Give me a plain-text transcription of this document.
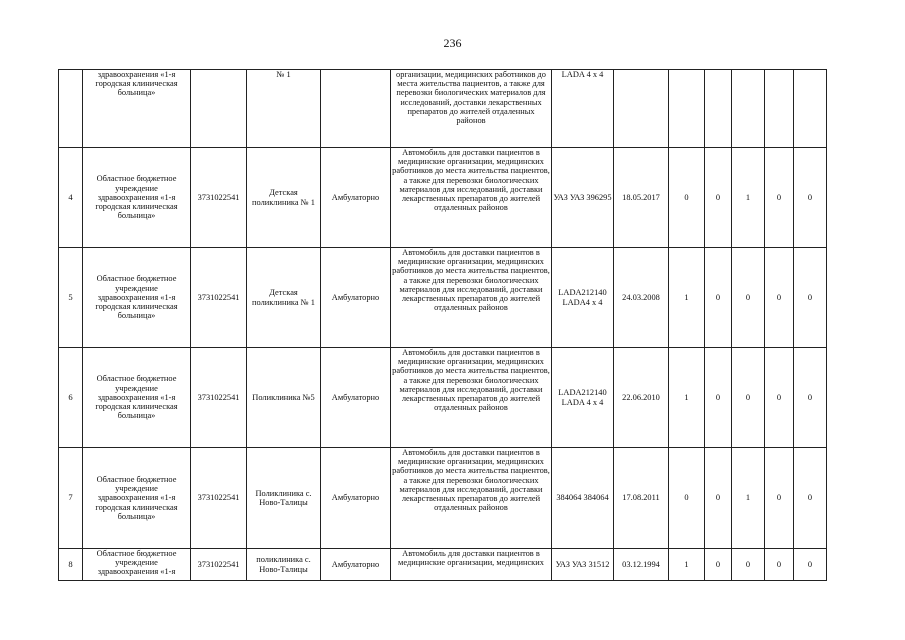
236
	здравоохранения «1-я городская клиническая больница»		№ 1		организации, медицинских работников до места жительства пациентов, а также для перевозки биологических материалов для исследований, доставки лекарственных препаратов до жителей отдаленных районов	LADA 4 x 4						
4	Областное бюджетное учреждение здравоохранения «1-я городская клиническая больница»	3731022541	Детская поликлиника № 1	Амбулаторно	Автомобиль для доставки пациентов в медицинские организации, медицинских работников до места жительства пациентов, а также для перевозки биологических материалов для исследований, доставки лекарственных препаратов до жителей отдаленных районов	УАЗ УАЗ 396295	18.05.2017	0	0	1	0	0
5	Областное бюджетное учреждение здравоохранения «1-я городская клиническая больница»	3731022541	Детская поликлиника № 1	Амбулаторно	Автомобиль для доставки пациентов в медицинские организации, медицинских работников до места жительства пациентов, а также для перевозки биологических материалов для исследований, доставки лекарственных препаратов до жителей отдаленных районов	LADA212140 LADA4 x 4	24.03.2008	1	0	0	0	0
6	Областное бюджетное учреждение здравоохранения «1-я городская клиническая больница»	3731022541	Поликлиника №5	Амбулаторно	Автомобиль для доставки пациентов в медицинские организации, медицинских работников до места жительства пациентов, а также для перевозки биологических материалов для исследований, доставки лекарственных препаратов до жителей отдаленных районов	LADA212140 LADA 4 x 4	22.06.2010	1	0	0	0	0
7	Областное бюджетное учреждение здравоохранения «1-я городская клиническая больница»	3731022541	Поликлиника с. Ново-Талицы	Амбулаторно	Автомобиль для доставки пациентов в медицинские организации, медицинских работников до места жительства пациентов, а также для перевозки биологических материалов для исследований, доставки лекарственных препаратов до жителей отдаленных районов	384064 384064	17.08.2011	0	0	1	0	0
8	Областное бюджетное учреждение здравоохранения «1-я	3731022541	поликлиника с. Ново-Талицы	Амбулаторно	Автомобиль для доставки пациентов в медицинские организации, медицинских	УАЗ УАЗ 31512	03.12.1994	1	0	0	0	0
